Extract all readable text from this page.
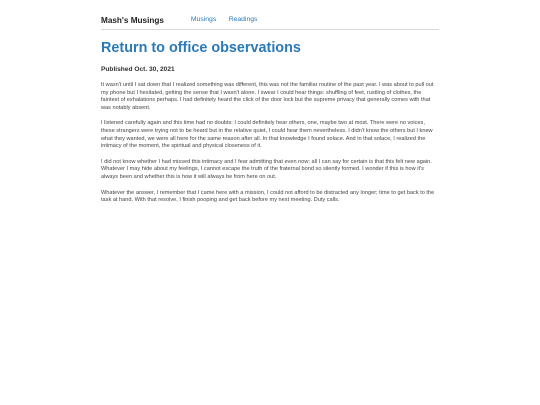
Mash's Musings	Musings Readings
Return to office observations
Published Oct. 30, 2021

It wasn't until I sat down that I realized something was different, this was not the familiar routine of the past year. I was about to pull out my phone but I hesitated, getting the sense that I wasn't alone. I swear I could hear things: shuffling of feet, rustling of clothes, the faintest of exhalations perhaps. I had definitely heard the click of the door lock but the supreme privacy that generally comes with that was notably absent.

I listened carefully again and this time had no doubts: I could definitely hear others, one, maybe two at most. There were no voices, these strangers were trying not to be heard but in the relative quiet, I could hear them nevertheless. I didn't know the others but I knew what they wanted, we were all here for the same reason after all. In that knowledge I found solace. And in that solace, I realized the intimacy of the moment, the spiritual and physical closeness of it.

I did not know whether I had missed this intimacy and I fear admitting that even now; all I can say for certain is that this felt new again. Whatever I may hide about my feelings, I cannot escape the truth of the fraternal bond so silently formed. I wonder if this is how it's always been and whether this is how it will always be from here on out.

Whatever the answer, I remember that I came here with a mission, I could not afford to be distracted any longer; time to get back to the task at hand. With that resolve, I finish pooping and get back before my next meeting. Duty calls.
